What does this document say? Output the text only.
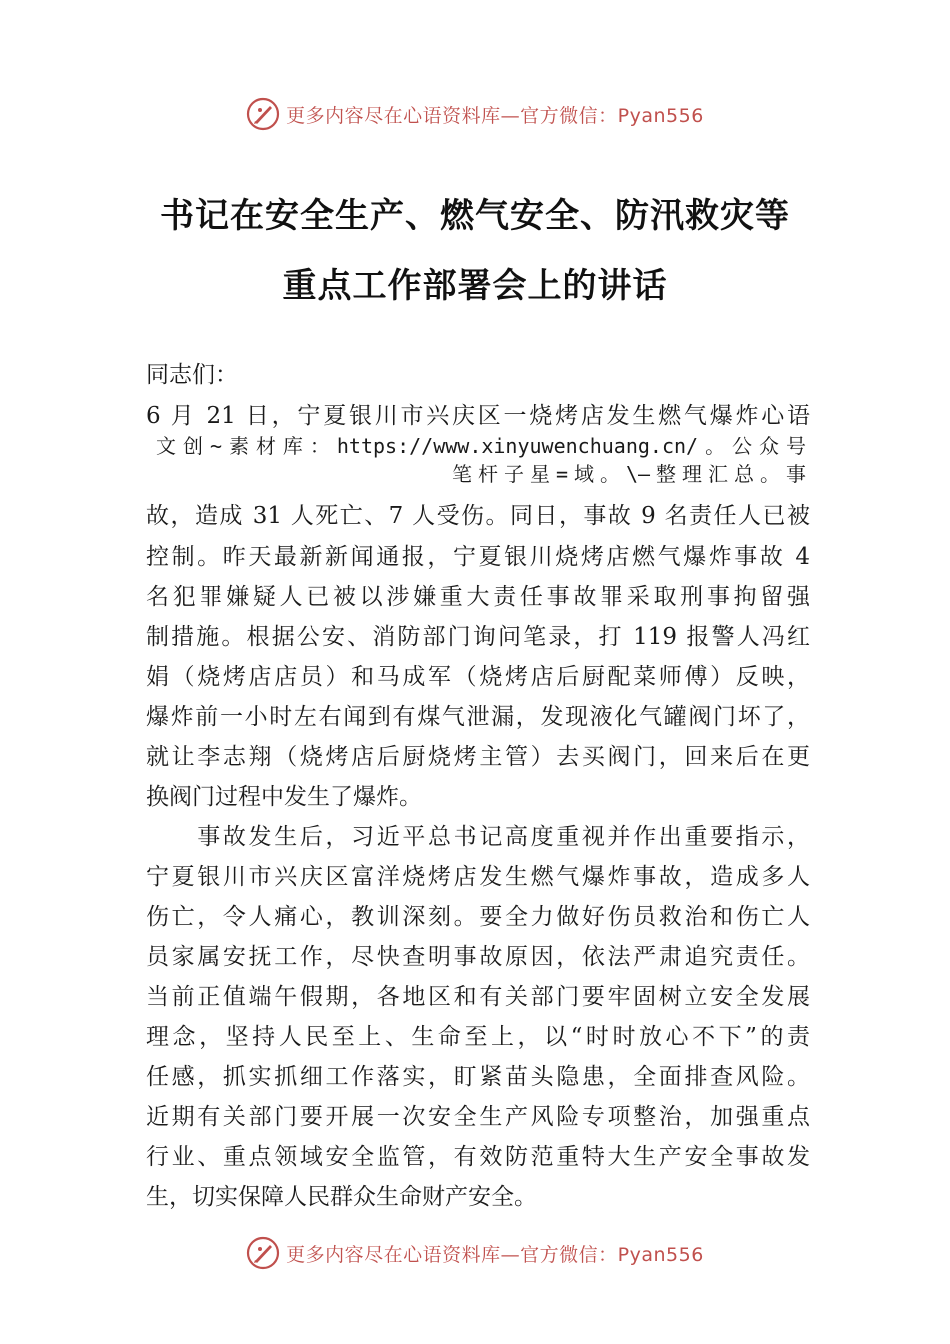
更多内容尽在心语资料库—官方微信：Pyan556
书记在安全生产、燃气安全、防汛救灾等
重点工作部署会上的讲话
同志们：
6 月 21 日，宁夏银川市兴庆区一烧烤店发生燃气爆炸心语
文创~素材库：https://www.xinyuwenchuang.cn/。公众号
笔杆子星=域。\—整理汇总。事
故，造成 31 人死亡、7 人受伤。同日，事故 9 名责任人已被
控制。昨天最新新闻通报，宁夏银川烧烤店燃气爆炸事故 4
名犯罪嫌疑人已被以涉嫌重大责任事故罪采取刑事拘留强
制措施。根据公安、消防部门询问笔录，打 119 报警人冯红
娟（烧烤店店员）和马成军（烧烤店后厨配菜师傅）反映，
爆炸前一小时左右闻到有煤气泄漏，发现液化气罐阀门坏了，
就让李志翔（烧烤店后厨烧烤主管）去买阀门，回来后在更
换阀门过程中发生了爆炸。
　　事故发生后，习近平总书记高度重视并作出重要指示，
宁夏银川市兴庆区富洋烧烤店发生燃气爆炸事故，造成多人
伤亡，令人痛心，教训深刻。要全力做好伤员救治和伤亡人
员家属安抚工作，尽快查明事故原因，依法严肃追究责任。
当前正值端午假期，各地区和有关部门要牢固树立安全发展
理念，坚持人民至上、生命至上，以“时时放心不下”的责
任感，抓实抓细工作落实，盯紧苗头隐患，全面排查风险。
近期有关部门要开展一次安全生产风险专项整治，加强重点
行业、重点领域安全监管，有效防范重特大生产安全事故发
生，切实保障人民群众生命财产安全。
更多内容尽在心语资料库—官方微信：Pyan556
